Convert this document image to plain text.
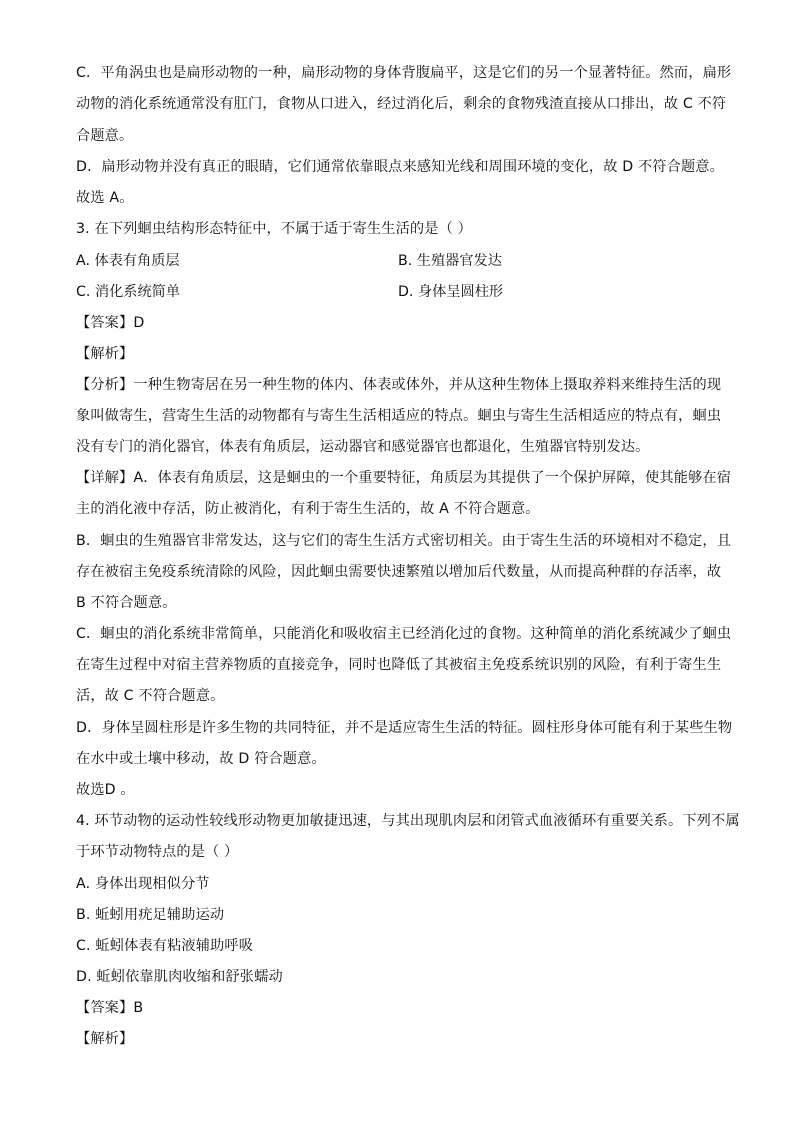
C．平角涡虫也是扁形动物的一种，扁形动物的身体背腹扁平，这是它们的另一个显著特征。然而，扁形
动物的消化系统通常没有肛门，食物从口进入，经过消化后，剩余的食物残渣直接从口排出，故 C 不符
合题意。
D．扁形动物并没有真正的眼睛，它们通常依靠眼点来感知光线和周围环境的变化，故 D 不符合题意。
故选 A。
3. 在下列蛔虫结构形态特征中，不属于适于寄生生活的是（ ）
A. 体表有角质层	B. 生殖器官发达
C. 消化系统简单	D. 身体呈圆柱形
【答案】D
【解析】
【分析】一种生物寄居在另一种生物的体内、体表或体外，并从这种生物体上摄取养料来维持生活的现
象叫做寄生，营寄生生活的动物都有与寄生生活相适应的特点。蛔虫与寄生生活相适应的特点有，蛔虫
没有专门的消化器官，体表有角质层，运动器官和感觉器官也都退化，生殖器官特别发达。
【详解】A．体表有角质层，这是蛔虫的一个重要特征，角质层为其提供了一个保护屏障，使其能够在宿
主的消化液中存活，防止被消化，有利于寄生生活的，故 A 不符合题意。
B．蛔虫的生殖器官非常发达，这与它们的寄生生活方式密切相关。由于寄生生活的环境相对不稳定，且
存在被宿主免疫系统清除的风险，因此蛔虫需要快速繁殖以增加后代数量，从而提高种群的存活率，故
B 不符合题意。
C．蛔虫的消化系统非常简单，只能消化和吸收宿主已经消化过的食物。这种简单的消化系统减少了蛔虫
在寄生过程中对宿主营养物质的直接竞争，同时也降低了其被宿主免疫系统识别的风险，有利于寄生生
活，故 C 不符合题意。
D．身体呈圆柱形是许多生物的共同特征，并不是适应寄生生活的特征。圆柱形身体可能有利于某些生物
在水中或土壤中移动，故 D 符合题意。
故选D 。
4. 环节动物的运动性较线形动物更加敏捷迅速，与其出现肌肉层和闭管式血液循环有重要关系。下列不属
于环节动物特点的是（ ）
A. 身体出现相似分节
B. 蚯蚓用疣足辅助运动
C. 蚯蚓体表有粘液辅助呼吸
D. 蚯蚓依靠肌肉收缩和舒张蠕动
【答案】B
【解析】
